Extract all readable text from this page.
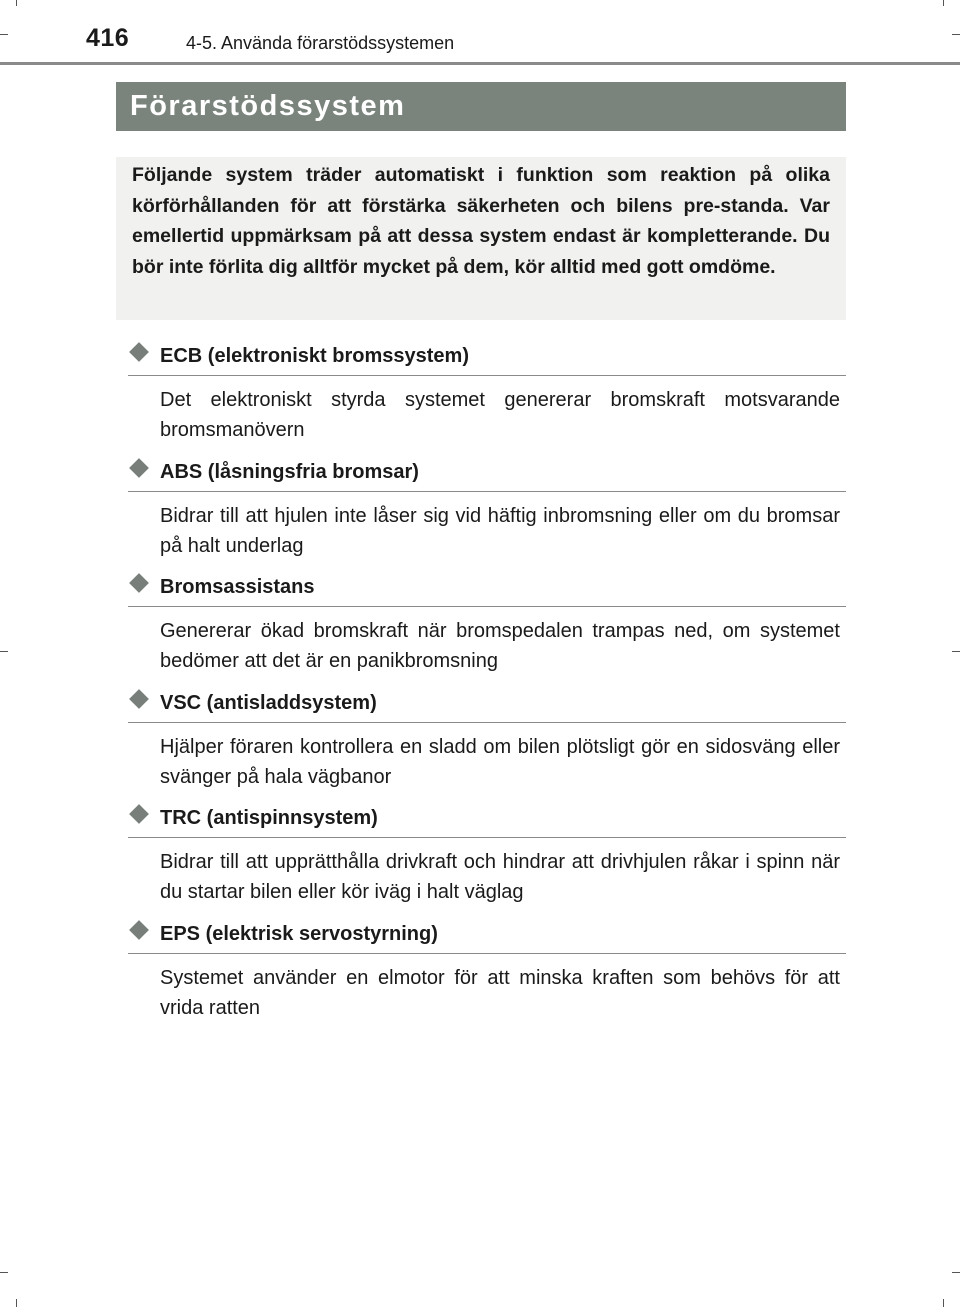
416	4-5. Använda förarstödssystemen
Förarstödssystem
Följande system träder automatiskt i funktion som reaktion på olika körförhållanden för att förstärka säkerheten och bilens pre-standa. Var emellertid uppmärksam på att dessa system endast är kompletterande. Du bör inte förlita dig alltför mycket på dem, kör alltid med gott omdöme.
ECB (elektroniskt bromssystem)
Det elektroniskt styrda systemet genererar bromskraft motsvarande bromsmanövern
ABS (låsningsfria bromsar)
Bidrar till att hjulen inte låser sig vid häftig inbromsning eller om du bromsar på halt underlag
Bromsassistans
Genererar ökad bromskraft när bromspedalen trampas ned, om systemet bedömer att det är en panikbromsning
VSC (antisladdsystem)
Hjälper föraren kontrollera en sladd om bilen plötsligt gör en sidosväng eller svänger på hala vägbanor
TRC (antispinnsystem)
Bidrar till att upprätthålla drivkraft och hindrar att drivhjulen råkar i spinn när du startar bilen eller kör iväg i halt väglag
EPS (elektrisk servostyrning)
Systemet använder en elmotor för att minska kraften som behövs för att vrida ratten
